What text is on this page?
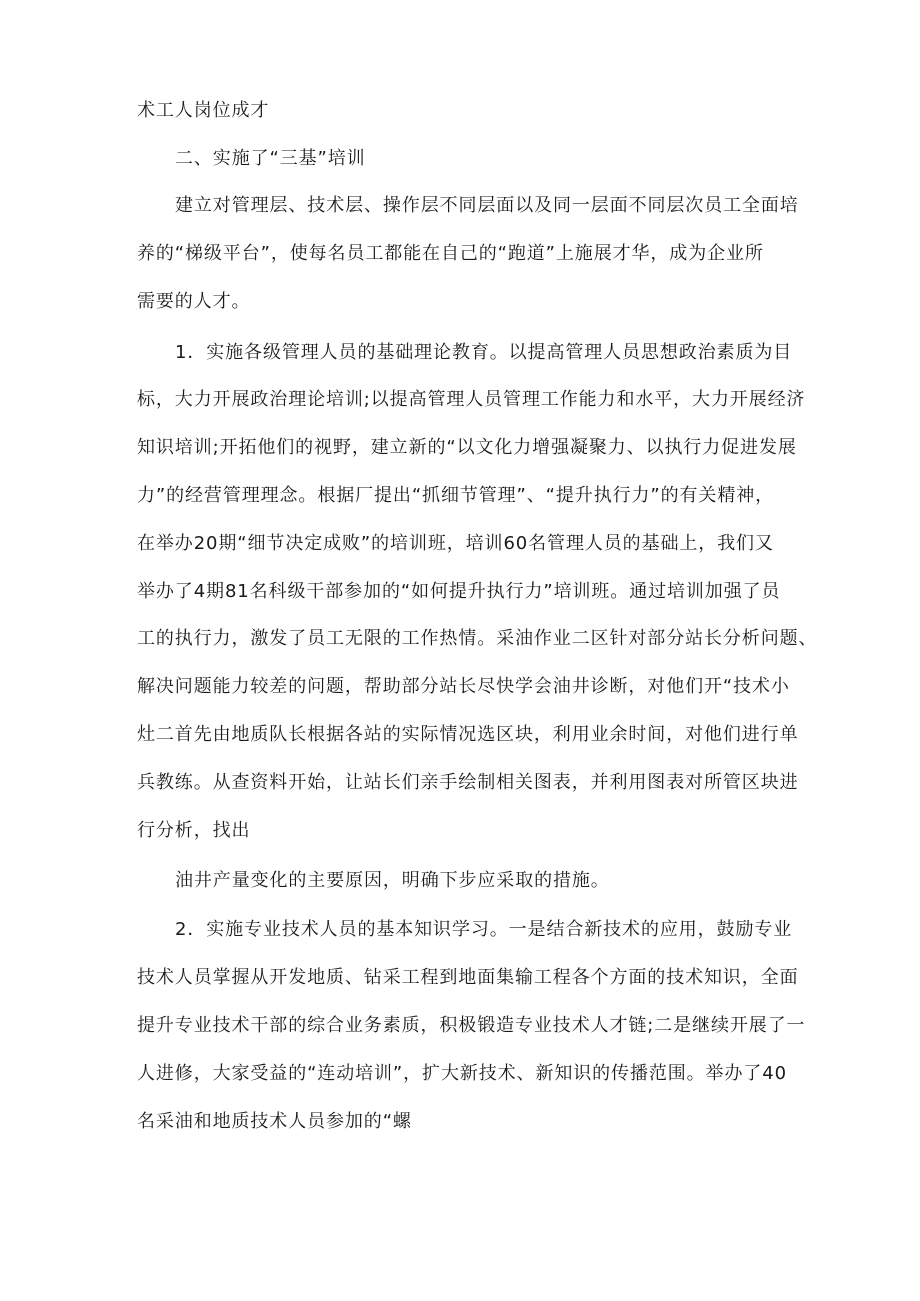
术工人岗位成才
二、实施了“三基”培训
建立对管理层、技术层、操作层不同层面以及同一层面不同层次员工全面培
养的“梯级平台”，使每名员工都能在自己的“跑道”上施展才华，成为企业所
需要的人才。
1．实施各级管理人员的基础理论教育。以提高管理人员思想政治素质为目
标，大力开展政治理论培训;以提高管理人员管理工作能力和水平，大力开展经济
知识培训;开拓他们的视野，建立新的“以文化力增强凝聚力、以执行力促进发展
力”的经营管理理念。根据厂提出“抓细节管理”、“提升执行力”的有关精神，
在举办20期“细节决定成败”的培训班，培训60名管理人员的基础上，我们又
举办了4期81名科级干部参加的“如何提升执行力”培训班。通过培训加强了员
工的执行力，激发了员工无限的工作热情。采油作业二区针对部分站长分析问题、
解决问题能力较差的问题，帮助部分站长尽快学会油井诊断，对他们开“技术小
灶二首先由地质队长根据各站的实际情况选区块，利用业余时间，对他们进行单
兵教练。从查资料开始，让站长们亲手绘制相关图表，并利用图表对所管区块进
行分析，找出
油井产量变化的主要原因，明确下步应采取的措施。
2．实施专业技术人员的基本知识学习。一是结合新技术的应用，鼓励专业
技术人员掌握从开发地质、钻采工程到地面集输工程各个方面的技术知识，全面
提升专业技术干部的综合业务素质，积极锻造专业技术人才链;二是继续开展了一
人进修，大家受益的“连动培训”，扩大新技术、新知识的传播范围。举办了40
名采油和地质技术人员参加的“螺
